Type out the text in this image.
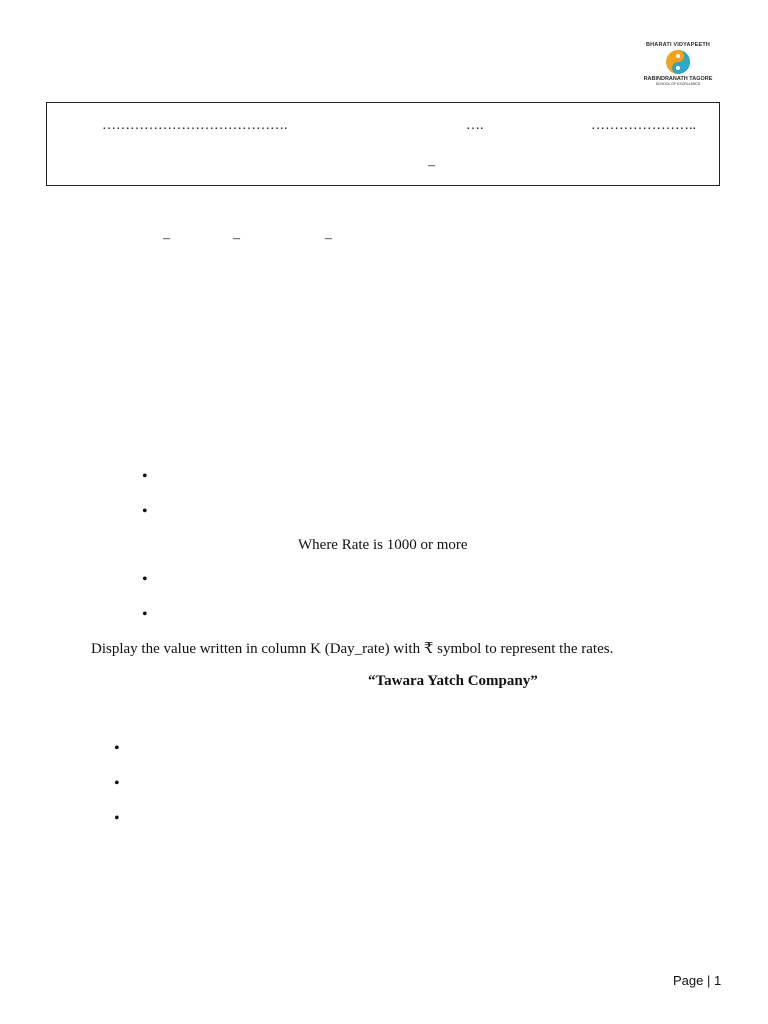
BHARATI VIDYAPEETH
RABINDRANATH TAGORE
SCHOOL OF EXCELLENCE
………………………………….	….	…………………..
–
–	–	–
•
•
Where Rate is 1000 or more
•
•
Display the value written in column K (Day_rate) with ₹ symbol to represent the rates.
“Tawara Yatch Company”
•
•
•
Page | 1
